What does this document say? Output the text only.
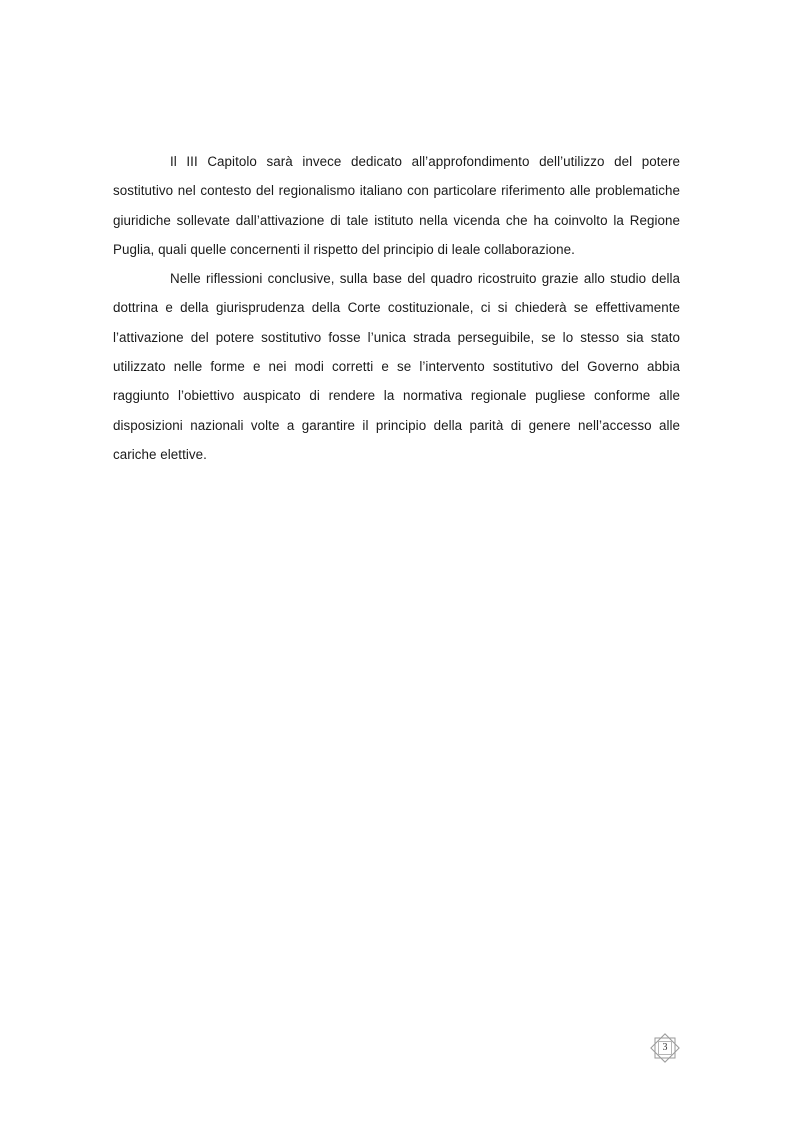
Il III Capitolo sarà invece dedicato all’approfondimento dell’utilizzo del potere sostitutivo nel contesto del regionalismo italiano con particolare riferimento alle problematiche giuridiche sollevate dall’attivazione di tale istituto nella vicenda che ha coinvolto la Regione Puglia, quali quelle concernenti il rispetto del principio di leale collaborazione.

Nelle riflessioni conclusive, sulla base del quadro ricostruito grazie allo studio della dottrina e della giurisprudenza della Corte costituzionale, ci si chiederà se effettivamente l’attivazione del potere sostitutivo fosse l’unica strada perseguibile, se lo stesso sia stato utilizzato nelle forme e nei modi corretti e se l’intervento sostitutivo del Governo abbia raggiunto l’obiettivo auspicato di rendere la normativa regionale pugliese conforme alle disposizioni nazionali volte a garantire il principio della parità di genere nell’accesso alle cariche elettive.

3
